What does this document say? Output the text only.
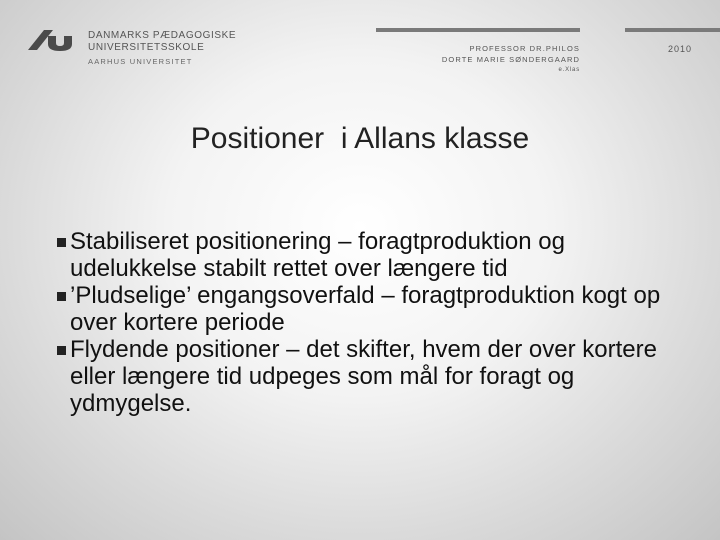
DANMARKS PÆDAGOGISKE
UNIVERSITETSSKOLE
AARHUS UNIVERSITET
PROFESSOR DR.PHILOS
DORTE MARIE SØNDERGAARD
e.Xlas
2010
Positioner  i Allans klasse
Stabiliseret positionering – foragtproduktion og udelukkelse stabilt rettet over længere tid
’Pludselige’ engangsoverfald – foragtproduktion kogt op over kortere periode
Flydende positioner – det skifter, hvem der over kortere eller længere tid udpeges som mål for foragt og ydmygelse.
